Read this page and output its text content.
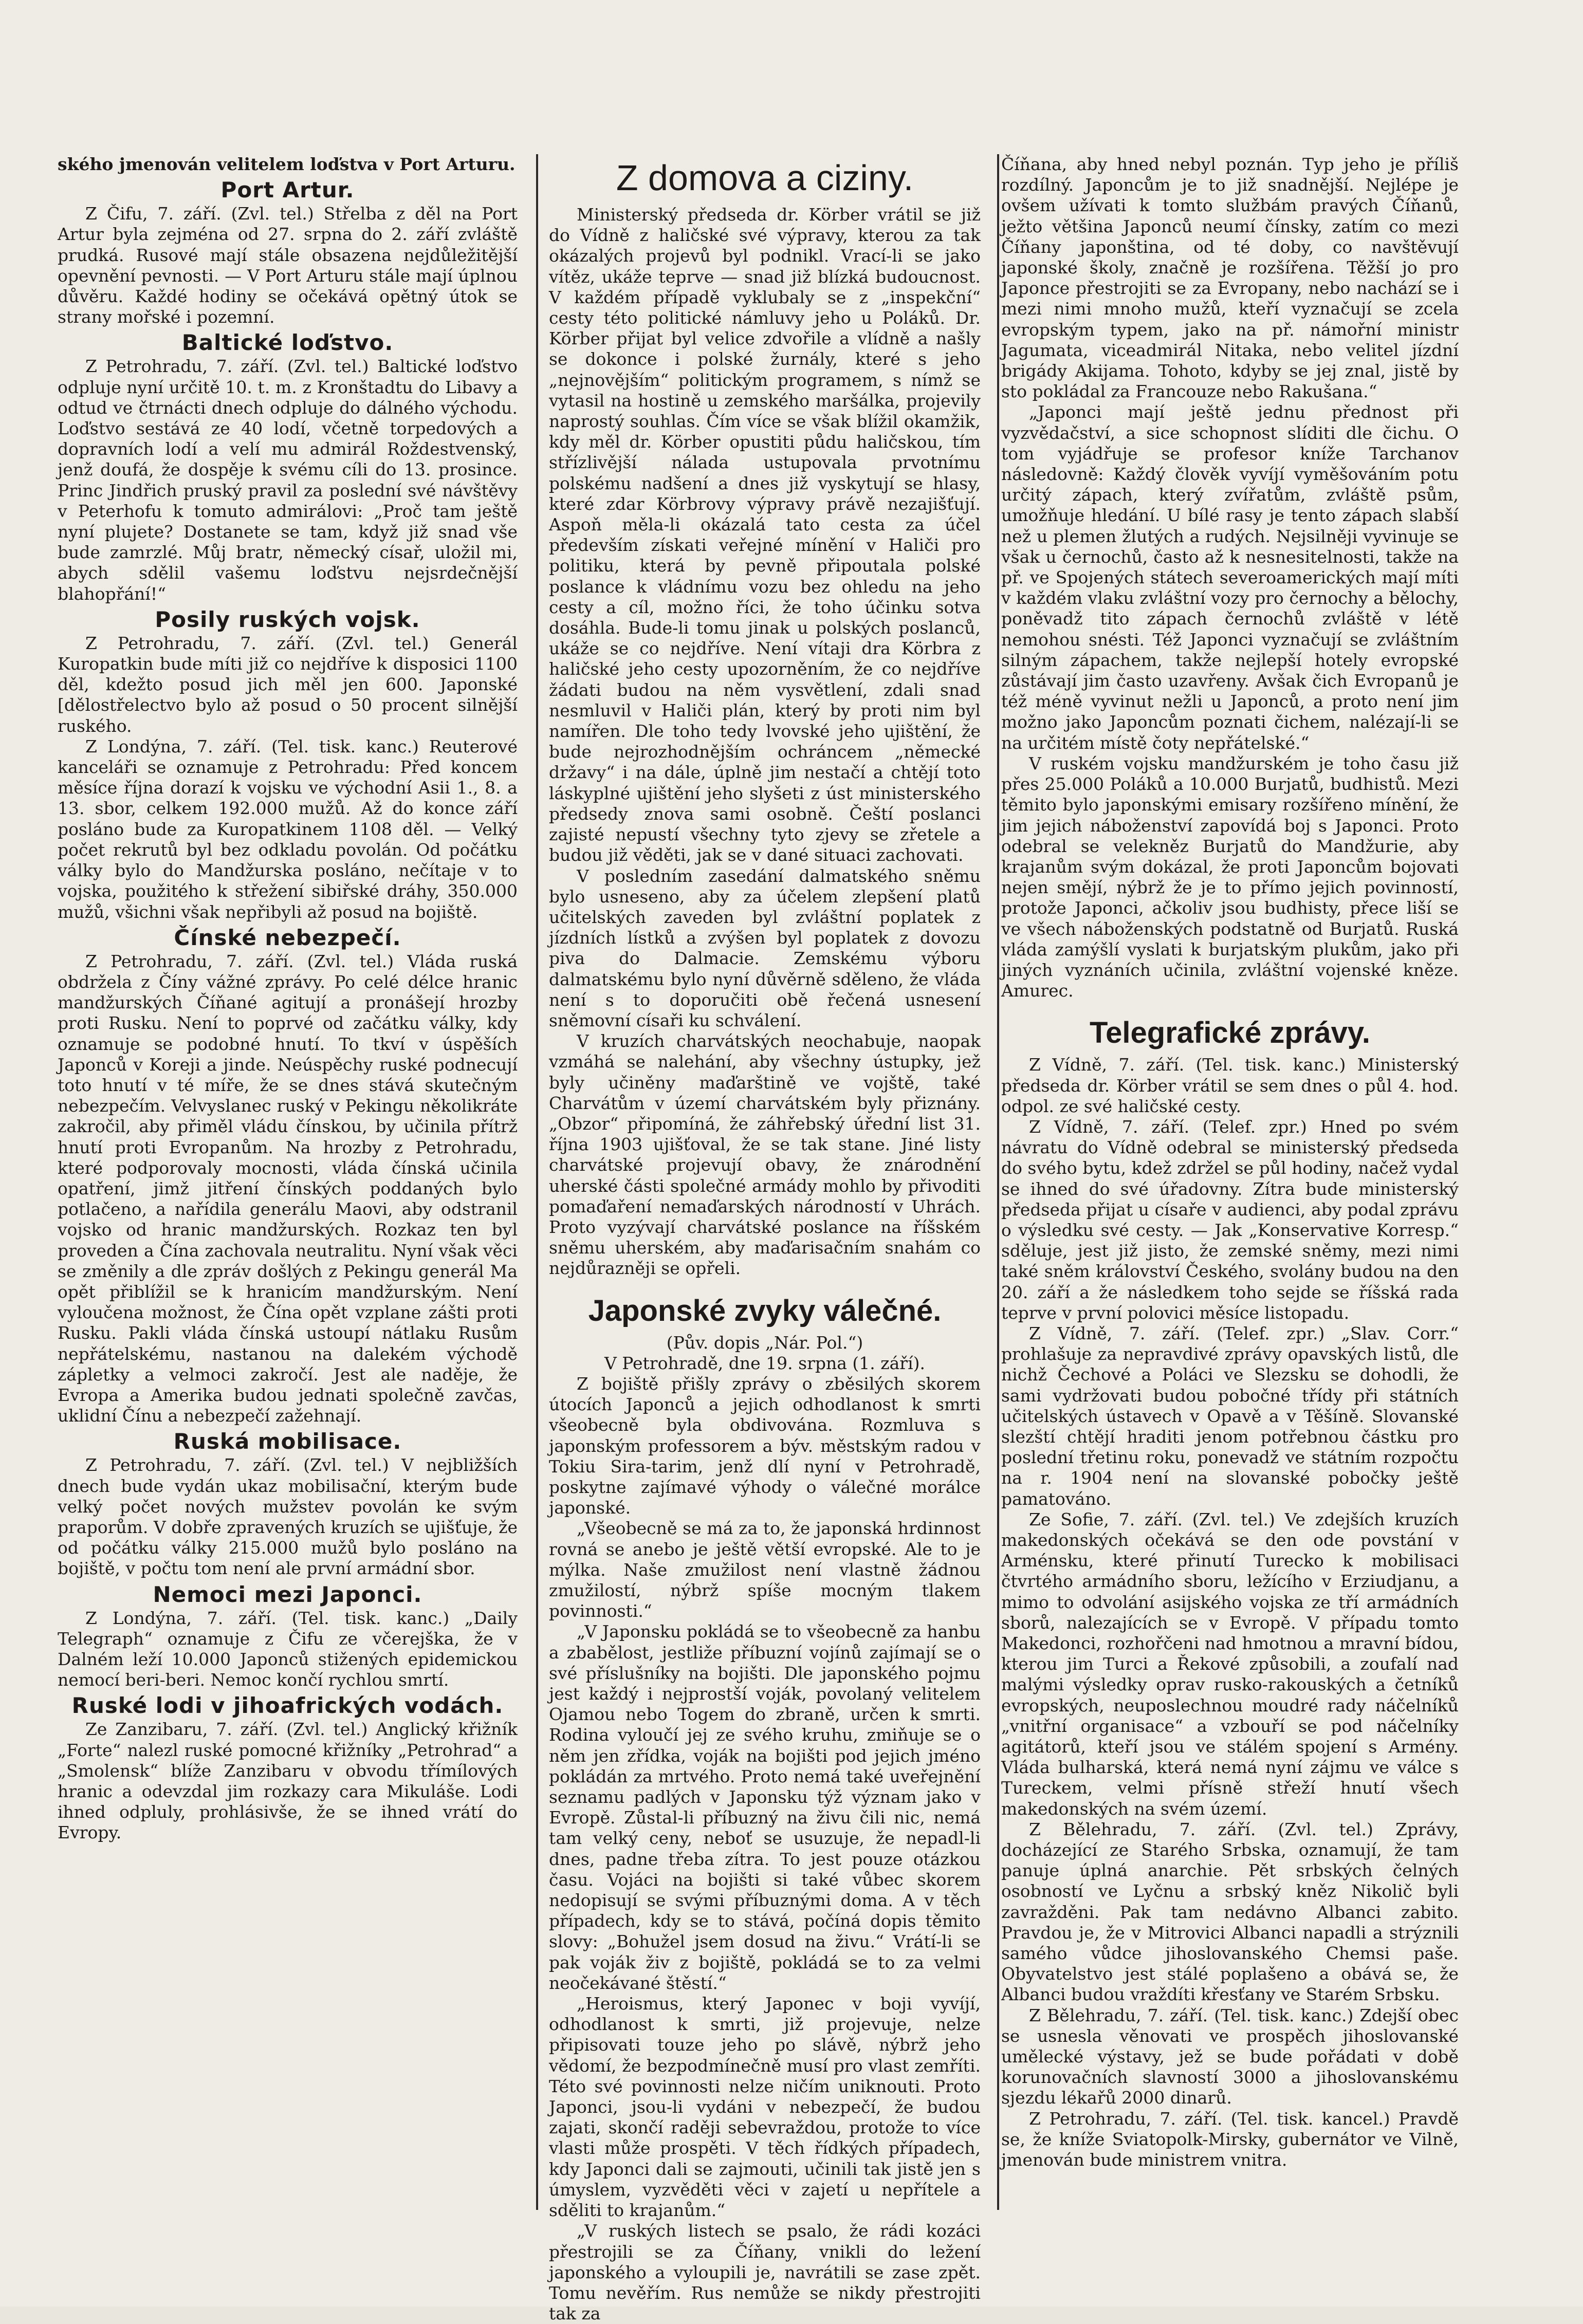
ského jmenován velitelem loďstva v Port Arturu.

Port Artur.

Z Čifu, 7. září. (Zvl. tel.) Střelba z děl na Port Artur byla zejména od 27. srpna do 2. září zvláště prudká. Rusové mají stále obsazena nejdůležitější opevnění pevnosti. — V Port Arturu stále mají úplnou důvěru. Každé hodiny se očekává opětný útok se strany mořské i pozemní.

Baltické loďstvo.

Z Petrohradu, 7. září. (Zvl. tel.) Baltické loďstvo odpluje nyní určitě 10. t. m. z Kronštadtu do Libavy a odtud ve čtrnácti dnech odpluje do dálného východu. Loďstvo sestává ze 40 lodí, včetně torpedových a dopravních lodí a velí mu admirál Roždestvenský, jenž doufá, že dospěje k svému cíli do 13. prosince. Princ Jindřich pruský pravil za poslední své návštěvy v Peterhofu k tomuto admirálovi: „Proč tam ještě nyní plujete? Dostanete se tam, když již snad vše bude zamrzlé. Můj bratr, německý císař, uložil mi, abych sdělil vašemu loďstvu nejsrdečnější blahopřání!“

Posily ruských vojsk.

Z Petrohradu, 7. září. (Zvl. tel.) Generál Kuropatkin bude míti již co nejdříve k disposici 1100 děl, kdežto posud jich měl jen 600. Japonské [dělostřelectvo bylo až posud o 50 procent silnější ruského.

Z Londýna, 7. září. (Tel. tisk. kanc.) Reuterové kanceláři se oznamuje z Petrohradu: Před koncem měsíce října dorazí k vojsku ve východní Asii 1., 8. a 13. sbor, celkem 192.000 mužů. Až do konce září posláno bude za Kuropatkinem 1108 děl. — Velký počet rekrutů byl bez odkladu povolán. Od počátku války bylo do Mandžurska posláno, nečítaje v to vojska, použitého k střežení sibiřské dráhy, 350.000 mužů, všichni však nepřibyli až posud na bojiště.

Čínské nebezpečí.

Z Petrohradu, 7. září. (Zvl. tel.) Vláda ruská obdržela z Číny vážné zprávy. Po celé délce hranic mandžurských Číňané agitují a pronášejí hrozby proti Rusku. Není to poprvé od začátku války, kdy oznamuje se podobné hnutí. To tkví v úspěších Japonců v Koreji a jinde. Neúspěchy ruské podnecují toto hnutí v té míře, že se dnes stává skutečným nebezpečím. Velvyslanec ruský v Pekingu několikráte zakročil, aby přiměl vládu čínskou, by učinila přítrž hnutí proti Evropanům. Na hrozby z Petrohradu, které podporovaly mocnosti, vláda čínská učinila opatření, jimž jitření čínských poddaných bylo potlačeno, a nařídila generálu Maovi, aby odstranil vojsko od hranic mandžurských. Rozkaz ten byl proveden a Čína zachovala neutralitu. Nyní však věci se změnily a dle zpráv došlých z Pekingu generál Ma opět přiblížil se k hranicím mandžurským. Není vyloučena možnost, že Čína opět vzplane zášti proti Rusku. Pakli vláda čínská ustoupí nátlaku Rusům nepřátelskému, nastanou na dalekém východě zápletky a velmoci zakročí. Jest ale naděje, že Evropa a Amerika budou jednati společně zavčas, uklidní Čínu a nebezpečí zažehnají.

Ruská mobilisace.

Z Petrohradu, 7. září. (Zvl. tel.) V nejbližších dnech bude vydán ukaz mobilisační, kterým bude velký počet nových mužstev povolán ke svým praporům. V dobře zpravených kruzích se ujišťuje, že od počátku války 215.000 mužů bylo posláno na bojiště, v počtu tom není ale první armádní sbor.

Nemoci mezi Japonci.

Z Londýna, 7. září. (Tel. tisk. kanc.) „Daily Telegraph“ oznamuje z Čifu ze včerejška, že v Dalném leží 10.000 Japonců stižených epidemickou nemocí beri-beri. Nemoc končí rychlou smrtí.

Ruské lodi v jihoafrických vodách.

Ze Zanzibaru, 7. září. (Zvl. tel.) Anglický křižník „Forte“ nalezl ruské pomocné křižníky „Petrohrad“ a „Smolensk“ blíže Zanzibaru v obvodu třímílových hranic a odevzdal jim rozkazy cara Mikuláše. Lodi ihned odpluly, prohlásivše, že se ihned vrátí do Evropy.

Z domova a ciziny.

Ministerský předseda dr. Körber vrátil se již do Vídně z haličské své výpravy, kterou za tak okázalých projevů byl podnikl. Vrací-li se jako vítěz, ukáže teprve — snad již blízká budoucnost. V každém případě vyklubaly se z „inspekční“ cesty této politické námluvy jeho u Poláků. Dr. Körber přijat byl velice zdvořile a vlídně a našly se dokonce i polské žurnály, které s jeho „nejnovějším“ politickým programem, s nímž se vytasil na hostině u zemského maršálka, projevily naprostý souhlas. Čím více se však blížil okamžik, kdy měl dr. Körber opustiti půdu haličskou, tím střízlivější nálada ustupovala prvotnímu polskému nadšení a dnes již vyskytují se hlasy, které zdar Körbrovy výpravy právě nezajišťují. Aspoň měla-li okázalá tato cesta za účel především získati veřejné mínění v Haliči pro politiku, která by pevně připoutala polské poslance k vládnímu vozu bez ohledu na jeho cesty a cíl, možno říci, že toho účinku sotva dosáhla. Bude-li tomu jinak u polských poslanců, ukáže se co nejdříve. Není vítaji dra Körbra z haličské jeho cesty upozorněním, že co nejdříve žádati budou na něm vysvětlení, zdali snad nesmluvil v Haliči plán, který by proti nim byl namířen. Dle toho tedy lvovské jeho ujištění, že bude nejrozhodnějším ochráncem „německé državy“ i na dále, úplně jim nestačí a chtějí toto láskyplné ujištění jeho slyšeti z úst ministerského předsedy znova sami osobně. Čeští poslanci zajisté nepustí všechny tyto zjevy se zřetele a budou již věděti, jak se v dané situaci zachovati.

V posledním zasedání dalmatského sněmu bylo usneseno, aby za účelem zlepšení platů učitelských zaveden byl zvláštní poplatek z jízdních lístků a zvýšen byl poplatek z dovozu piva do Dalmacie. Zemskému výboru dalmatskému bylo nyní důvěrně sděleno, že vláda není s to doporučiti obě řečená usnesení sněmovní císaři ku schválení.

V kruzích charvátských neochabuje, naopak vzmáhá se nalehání, aby všechny ústupky, jež byly učiněny maďarštině ve vojště, také Charvátům v území charvátském byly přiznány. „Obzor“ připomíná, že záhřebský úřední list 31. října 1903 ujišťoval, že se tak stane. Jiné listy charvátské projevují obavy, že znárodnění uherské části společné armády mohlo by přivoditi pomaďaření nemaďarských národností v Uhrách. Proto vyzývají charvátské poslance na říšském sněmu uherském, aby maďarisačním snahám co nejdůrazněji se opřeli.

Japonské zvyky válečné.

(Pův. dopis „Nár. Pol.“)

V Petrohradě, dne 19. srpna (1. září).

Z bojiště přišly zprávy o zběsilých skorem útocích Japonců a jejich odhodlanost k smrti všeobecně byla obdivována. Rozmluva s japonským professorem a býv. městským radou v Tokiu Sira-tarim, jenž dlí nyní v Petrohradě, poskytne zajímavé výhody o válečné morálce japonské.

„Všeobecně se má za to, že japonská hrdinnost rovná se anebo je ještě větší evropské. Ale to je mýlka. Naše zmužilost není vlastně žádnou zmužilostí, nýbrž spíše mocným tlakem povinnosti.“

„V Japonsku pokládá se to všeobecně za hanbu a zbabělost, jestliže příbuzní vojínů zajímají se o své příslušníky na bojišti. Dle japonského pojmu jest každý i nejprostší voják, povolaný velitelem Ojamou nebo Togem do zbraně, určen k smrti. Rodina vyloučí jej ze svého kruhu, zmiňuje se o něm jen zřídka, voják na bojišti pod jejich jméno pokládán za mrtvého. Proto nemá také uveřejnění seznamu padlých v Japonsku týž význam jako v Evropě. Zůstal-li příbuzný na živu čili nic, nemá tam velký ceny, neboť se usuzuje, že nepadl-li dnes, padne třeba zítra. To jest pouze otázkou času. Vojáci na bojišti si také vůbec skorem nedopisují se svými příbuznými doma. A v těch případech, kdy se to stává, počíná dopis těmito slovy: „Bohužel jsem dosud na živu.“ Vrátí-li se pak voják živ z bojiště, pokládá se to za velmi neočekávané štěstí.“

„Heroismus, který Japonec v boji vyvíjí, odhodlanost k smrti, již projevuje, nelze připisovati touze jeho po slávě, nýbrž jeho vědomí, že bezpodmínečně musí pro vlast zemříti. Této své povinnosti nelze ničím uniknouti. Proto Japonci, jsou-li vydáni v nebezpečí, že budou zajati, skončí raději sebevraždou, protože to více vlasti může prospěti. V těch řídkých případech, kdy Japonci dali se zajmouti, učinili tak jistě jen s úmyslem, vyzvěděti věci v zajetí u nepřítele a sděliti to krajanům.“

„V ruských listech se psalo, že rádi kozáci přestrojili se za Číňany, vnikli do ležení japonského a vyloupili je, navrátili se zase zpět. Tomu nevěřím. Rus nemůže se nikdy přestrojiti tak za

Číňana, aby hned nebyl poznán. Typ jeho je příliš rozdílný. Japoncům je to již snadnější. Nejlépe je ovšem užívati k tomto službám pravých Číňanů, ježto většina Japonců neumí čínsky, zatím co mezi Číňany japonština, od té doby, co navštěvují japonské školy, značně je rozšířena. Těžší jo pro Japonce přestrojiti se za Evropany, nebo nachází se i mezi nimi mnoho mužů, kteří vyznačují se zcela evropským typem, jako na př. námořní ministr Jagumata, viceadmirál Nitaka, nebo velitel jízdní brigády Akijama. Tohoto, kdyby se jej znal, jistě by sto pokládal za Francouze nebo Rakušana.“

„Japonci mají ještě jednu přednost při vyzvědačství, a sice schopnost slíditi dle čichu. O tom vyjádřuje se profesor kníže Tarchanov následovně: Každý člověk vyvíjí vyměšováním potu určitý zápach, který zvířatům, zvláště psům, umožňuje hledání. U bílé rasy je tento zápach slabší než u plemen žlutých a rudých. Nejsilněji vyvinuje se však u černochů, často až k nesnesitelnosti, takže na př. ve Spojených státech severoamerických mají míti v každém vlaku zvláštní vozy pro černochy a bělochy, poněvadž tito zápach černochů zvláště v létě nemohou snésti. Též Japonci vyznačují se zvláštním silným zápachem, takže nejlepší hotely evropské zůstávají jim často uzavřeny. Avšak čich Evropanů je též méně vyvinut nežli u Japonců, a proto není jim možno jako Japoncům poznati čichem, nalézají-li se na určitém místě čoty nepřátelské.“

V ruském vojsku mandžurském je toho času již přes 25.000 Poláků a 10.000 Burjatů, budhistů. Mezi těmito bylo japonskými emisary rozšířeno mínění, že jim jejich náboženství zapovídá boj s Japonci. Proto odebral se velekněz Burjatů do Mandžurie, aby krajanům svým dokázal, že proti Japoncům bojovati nejen smějí, nýbrž že je to přímo jejich povinností, protože Japonci, ačkoliv jsou budhisty, přece liší se ve všech náboženských podstatně od Burjatů. Ruská vláda zamýšlí vyslati k burjatským plukům, jako při jiných vyznáních učinila, zvláštní vojenské kněze. Amurec.

Telegrafické zprávy.

Z Vídně, 7. září. (Tel. tisk. kanc.) Ministerský předseda dr. Körber vrátil se sem dnes o půl 4. hod. odpol. ze své haličské cesty.

Z Vídně, 7. září. (Telef. zpr.) Hned po svém návratu do Vídně odebral se ministerský předseda do svého bytu, kdež zdržel se půl hodiny, načež vydal se ihned do své úřadovny. Zítra bude ministerský předseda přijat u císaře v audienci, aby podal zprávu o výsledku své cesty. — Jak „Konservative Korresp.“ sděluje, jest již jisto, že zemské sněmy, mezi nimi také sněm království Českého, svolány budou na den 20. září a že následkem toho sejde se říšská rada teprve v první polovici měsíce listopadu.

Z Vídně, 7. září. (Telef. zpr.) „Slav. Corr.“ prohlašuje za nepravdivé zprávy opavských listů, dle nichž Čechové a Poláci ve Slezsku se dohodli, že sami vydržovati budou pobočné třídy při státních učitelských ústavech v Opavě a v Těšíně. Slovanské slezští chtějí hraditi jenom potřebnou částku pro poslední třetinu roku, ponevadž ve státním rozpočtu na r. 1904 není na slovanské pobočky ještě pamatováno.

Ze Sofie, 7. září. (Zvl. tel.) Ve zdejších kruzích makedonských očekává se den ode povstání v Arménsku, které přinutí Turecko k mobilisaci čtvrtého armádního sboru, ležícího v Erziudjanu, a mimo to odvolání asijského vojska ze tří armádních sborů, nalezajících se v Evropě. V případu tomto Makedonci, rozhořčeni nad hmotnou a mravní bídou, kterou jim Turci a Řekové způsobili, a zoufalí nad malými výsledky oprav rusko-rakouských a četníků evropských, neuposlechnou moudré rady náčelníků „vnitřní organisace“ a vzbouří se pod náčelníky agitátorů, kteří jsou ve stálém spojení s Armény. Vláda bulharská, která nemá nyní zájmu ve válce s Tureckem, velmi přísně střeží hnutí všech makedonských na svém území.

Z Bělehradu, 7. září. (Zvl. tel.) Zprávy, docházející ze Starého Srbska, oznamují, že tam panuje úplná anarchie. Pět srbských čelných osobností ve Lyčnu a srbský kněz Nikolič byli zavražděni. Pak tam nedávno Albanci zabito. Pravdou je, že v Mitrovici Albanci napadli a strýznili samého vůdce jihoslovanského Chemsi paše. Obyvatelstvo jest stálé poplašeno a obává se, že Albanci budou vraždíti křesťany ve Starém Srbsku.

Z Bělehradu, 7. září. (Tel. tisk. kanc.) Zdejší obec se usnesla věnovati ve prospěch jihoslovanské umělecké výstavy, jež se bude pořádati v době korunovačních slavností 3000 a jihoslovanskému sjezdu lékařů 2000 dinarů.

Z Petrohradu, 7. září. (Tel. tisk. kancel.) Pravdě se, že kníže Sviatopolk-Mirsky, gubernátor ve Vilně, jmenován bude ministrem vnitra.
